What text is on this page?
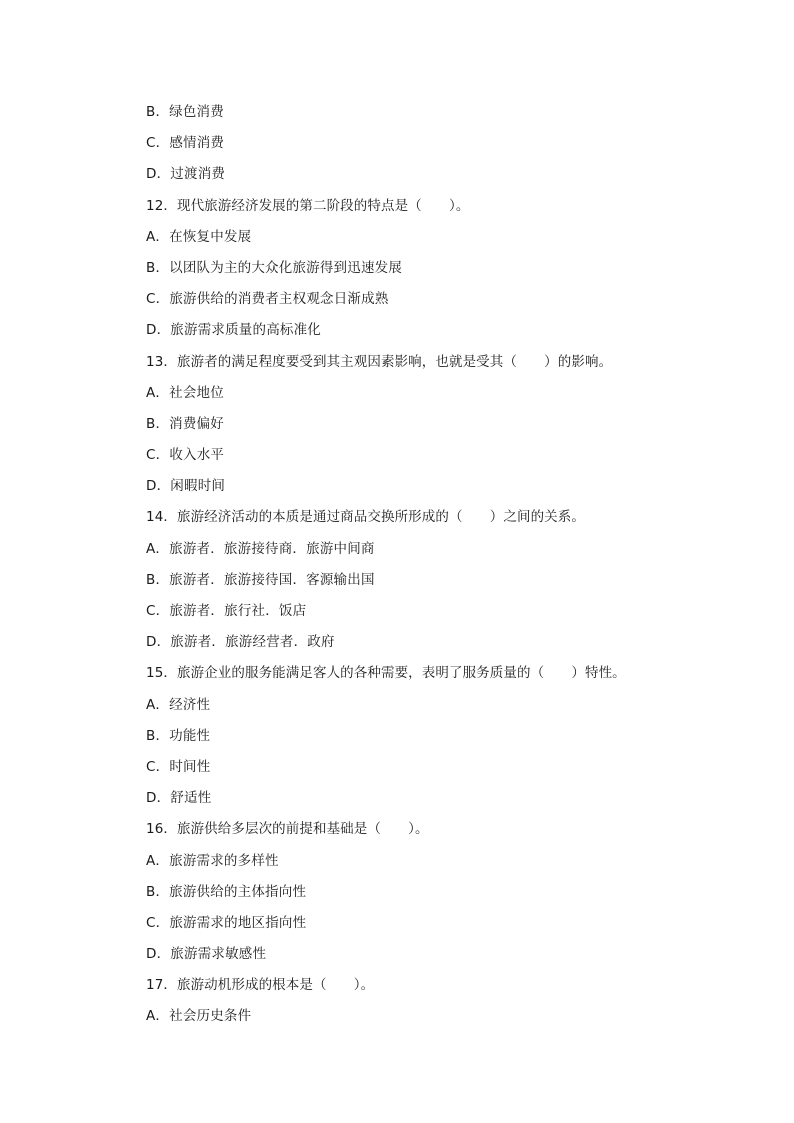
B．绿色消费
C．感情消费
D．过渡消费
12．现代旅游经济发展的第二阶段的特点是（　　）。
A．在恢复中发展
B．以团队为主的大众化旅游得到迅速发展
C．旅游供给的消费者主权观念日渐成熟
D．旅游需求质量的高标准化
13．旅游者的满足程度要受到其主观因素影响，也就是受其（　　）的影响。
A．社会地位
B．消费偏好
C．收入水平
D．闲暇时间
14．旅游经济活动的本质是通过商品交换所形成的（　　）之间的关系。
A．旅游者．旅游接待商．旅游中间商
B．旅游者．旅游接待国．客源输出国
C．旅游者．旅行社．饭店
D．旅游者．旅游经营者．政府
15．旅游企业的服务能满足客人的各种需要，表明了服务质量的（　　）特性。
A．经济性
B．功能性
C．时间性
D．舒适性
16．旅游供给多层次的前提和基础是（　　）。
A．旅游需求的多样性
B．旅游供给的主体指向性
C．旅游需求的地区指向性
D．旅游需求敏感性
17．旅游动机形成的根本是（　　）。
A．社会历史条件
